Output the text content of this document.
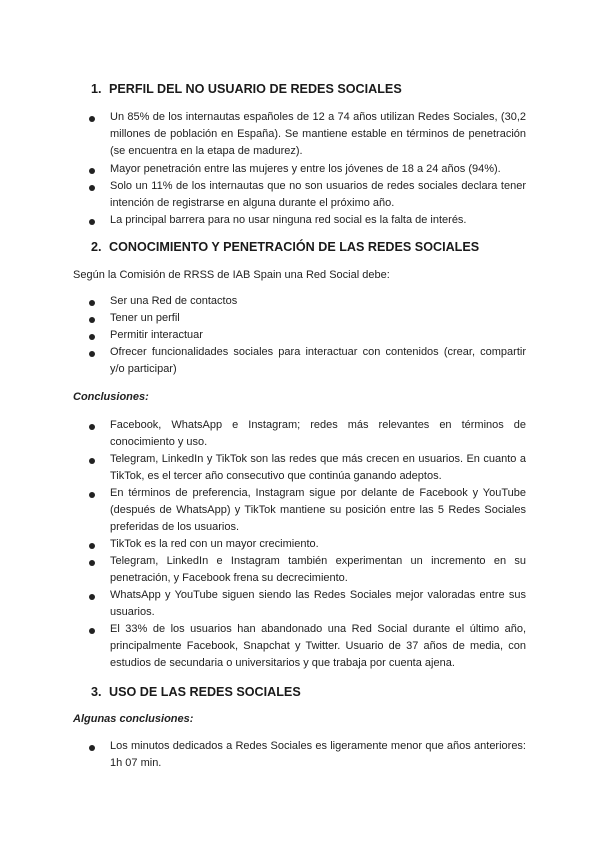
1. PERFIL DEL NO USUARIO DE REDES SOCIALES
Un 85% de los internautas españoles de 12 a 74 años utilizan Redes Sociales, (30,2 millones de población en España). Se mantiene estable en términos de penetración (se encuentra en la etapa de madurez).
Mayor penetración entre las mujeres y entre los jóvenes de 18 a 24 años (94%).
Solo un 11% de los internautas que no son usuarios de redes sociales declara tener intención de registrarse en alguna durante el próximo año.
La principal barrera para no usar ninguna red social es la falta de interés.
2. CONOCIMIENTO Y PENETRACIÓN DE LAS REDES SOCIALES
Según la Comisión de RRSS de IAB Spain una Red Social debe:
Ser una Red de contactos
Tener un perfil
Permitir interactuar
Ofrecer funcionalidades sociales para interactuar con contenidos (crear, compartir y/o participar)
Conclusiones:
Facebook, WhatsApp e Instagram; redes más relevantes en términos de conocimiento y uso.
Telegram, LinkedIn y TikTok son las redes que más crecen en usuarios. En cuanto a TikTok, es el tercer año consecutivo que continúa ganando adeptos.
En términos de preferencia, Instagram sigue por delante de Facebook y YouTube (después de WhatsApp) y TikTok mantiene su posición entre las 5 Redes Sociales preferidas de los usuarios.
TikTok es la red con un mayor crecimiento.
Telegram, LinkedIn e Instagram también experimentan un incremento en su penetración, y Facebook frena su decrecimiento.
WhatsApp y YouTube siguen siendo las Redes Sociales mejor valoradas entre sus usuarios.
El 33% de los usuarios han abandonado una Red Social durante el último año, principalmente Facebook, Snapchat y Twitter. Usuario de 37 años de media, con estudios de secundaria o universitarios y que trabaja por cuenta ajena.
3. USO DE LAS REDES SOCIALES
Algunas conclusiones:
Los minutos dedicados a Redes Sociales es ligeramente menor que años anteriores: 1h 07 min.
